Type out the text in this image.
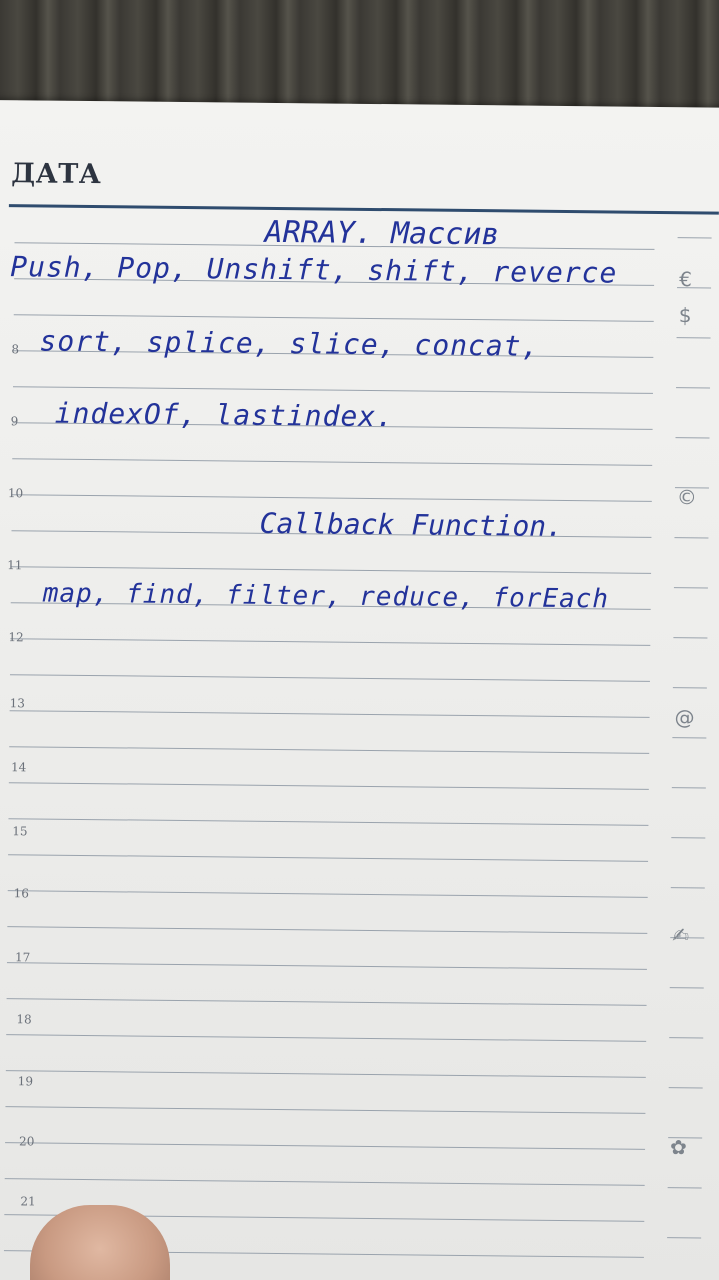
ДАТА
8
9
10
11
12
13
14
15
16
17
18
19
20
21
€
$
©
@
✍
✿
ARRAY. Массив
Push, Pop, Unshift, shift, reverce
sort, splice, slice, concat,
indexOf, lastindex.
Callback Function.
map, find, filter, reduce, forEach
